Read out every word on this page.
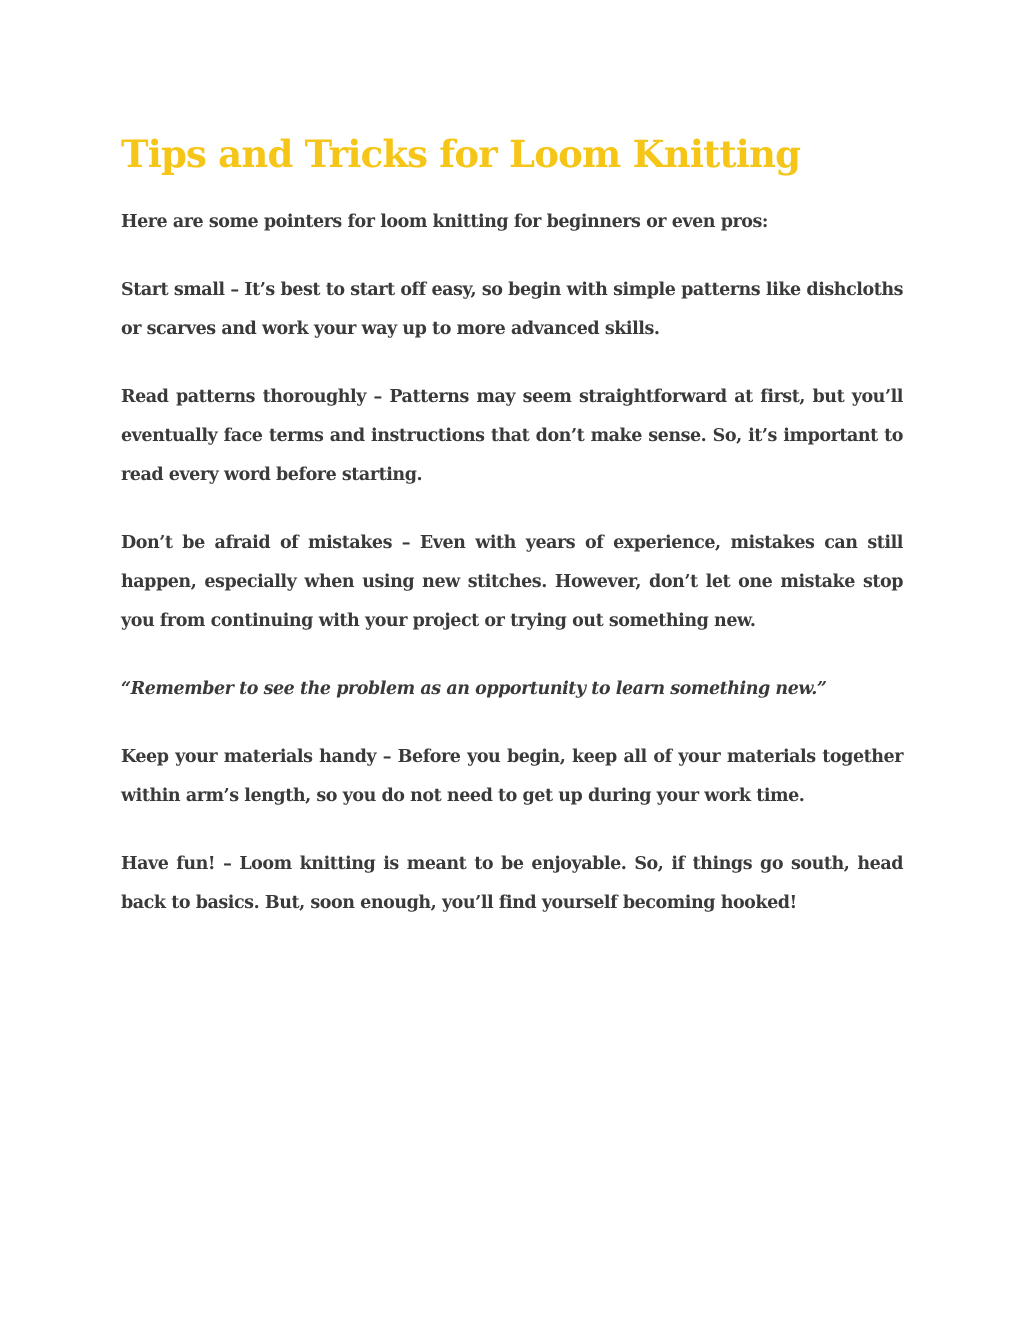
Tips and Tricks for Loom Knitting

Here are some pointers for loom knitting for beginners or even pros:

Start small – It’s best to start off easy, so begin with simple patterns like dishcloths or scarves and work your way up to more advanced skills.

Read patterns thoroughly – Patterns may seem straightforward at first, but you’ll eventually face terms and instructions that don’t make sense. So, it’s important to read every word before starting.

Don’t be afraid of mistakes – Even with years of experience, mistakes can still happen, especially when using new stitches. However, don’t let one mistake stop you from continuing with your project or trying out something new.

“Remember to see the problem as an opportunity to learn something new.”

Keep your materials handy – Before you begin, keep all of your materials together within arm’s length, so you do not need to get up during your work time.

Have fun! – Loom knitting is meant to be enjoyable. So, if things go south, head back to basics. But, soon enough, you’ll find yourself becoming hooked!
